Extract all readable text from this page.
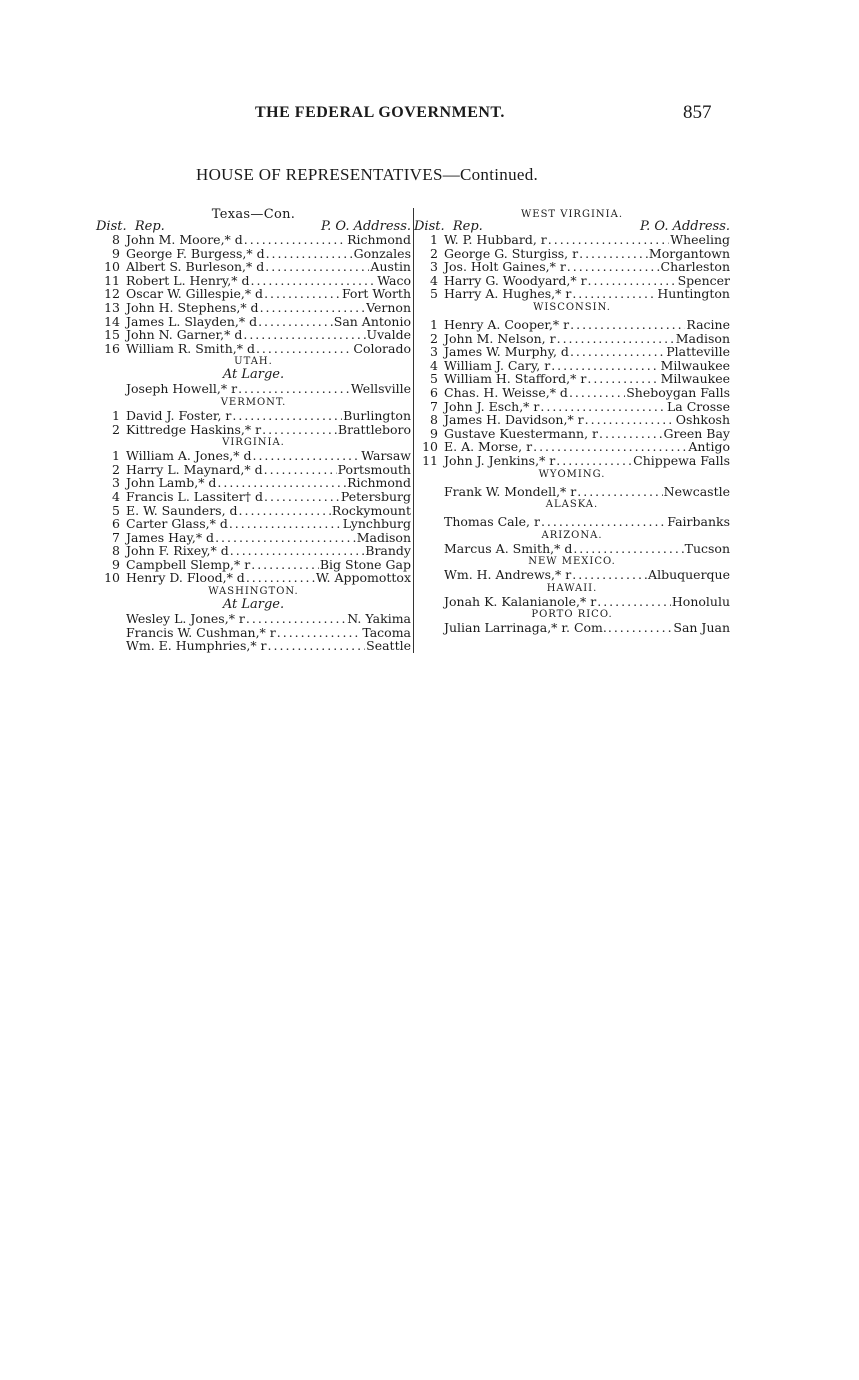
THE FEDERAL GOVERNMENT.	857
HOUSE OF REPRESENTATIVES—Continued.
Texas—Con.
Dist. Rep.	P. O. Address.
8 John M. Moore,* d .....	Richmond
9 George F. Burgess,* d .....	Gonzales
10 Albert S. Burleson,* d .....	Austin
11 Robert L. Henry,* d .....	Waco
12 Oscar W. Gillespie,* d .....	Fort Worth
13 John H. Stephens,* d .....	Vernon
14 James L. Slayden,* d .....	San Antonio
15 John N. Garner,* d .....	Uvalde
16 William R. Smith,* d .....	Colorado
UTAH.
At Large.
Joseph Howell,* r .....	Wellsville
VERMONT.
1 David J. Foster, r .....	Burlington
2 Kittredge Haskins,* r .....	Brattleboro
VIRGINIA.
1 William A. Jones,* d .....	Warsaw
2 Harry L. Maynard,* d .....	Portsmouth
3 John Lamb,* d .....	Richmond
4 Francis L. Lassiter† d .....	Petersburg
5 E. W. Saunders, d .....	Rockymount
6 Carter Glass,* d .....	Lynchburg
7 James Hay,* d .....	Madison
8 John F. Rixey,* d .....	Brandy
9 Campbell Slemp,* r .....	Big Stone Gap
10 Henry D. Flood,* d .....	W. Appomottox
WASHINGTON.
At Large.
Wesley L. Jones,* r .....	N. Yakima
Francis W. Cushman,* r .....	Tacoma
Wm. E. Humphries,* r .....	Seattle
WEST VIRGINIA.
Dist. Rep.	P. O. Address.
1 W. P. Hubbard, r .....	Wheeling
2 George G. Sturgiss, r .....	Morgantown
3 Jos. Holt Gaines,* r .....	Charleston
4 Harry G. Woodyard,* r .....	Spencer
5 Harry A. Hughes,* r .....	Huntington
WISCONSIN.
1 Henry A. Cooper,* r .....	Racine
2 John M. Nelson, r .....	Madison
3 James W. Murphy, d .....	Platteville
4 William J. Cary, r .....	Milwaukee
5 William H. Stafford,* r .....	Milwaukee
6 Chas. H. Weisse,* d .....	Sheboygan Falls
7 John J. Esch,* r .....	La Crosse
8 James H. Davidson,* r .....	Oshkosh
9 Gustave Kuestermann, r .....	Green Bay
10 E. A. Morse, r .....	Antigo
11 John J. Jenkins,* r .....	Chippewa Falls
WYOMING.
Frank W. Mondell,* r .....	Newcastle
ALASKA.
Thomas Cale, r .....	Fairbanks
ARIZONA.
Marcus A. Smith,* d .....	Tucson
NEW MEXICO.
Wm. H. Andrews,* r .....	Albuquerque
HAWAII.
Jonah K. Kalanianole,* r .....	Honolulu
PORTO RICO.
Julian Larrinaga,* r. Com. .....	San Juan
